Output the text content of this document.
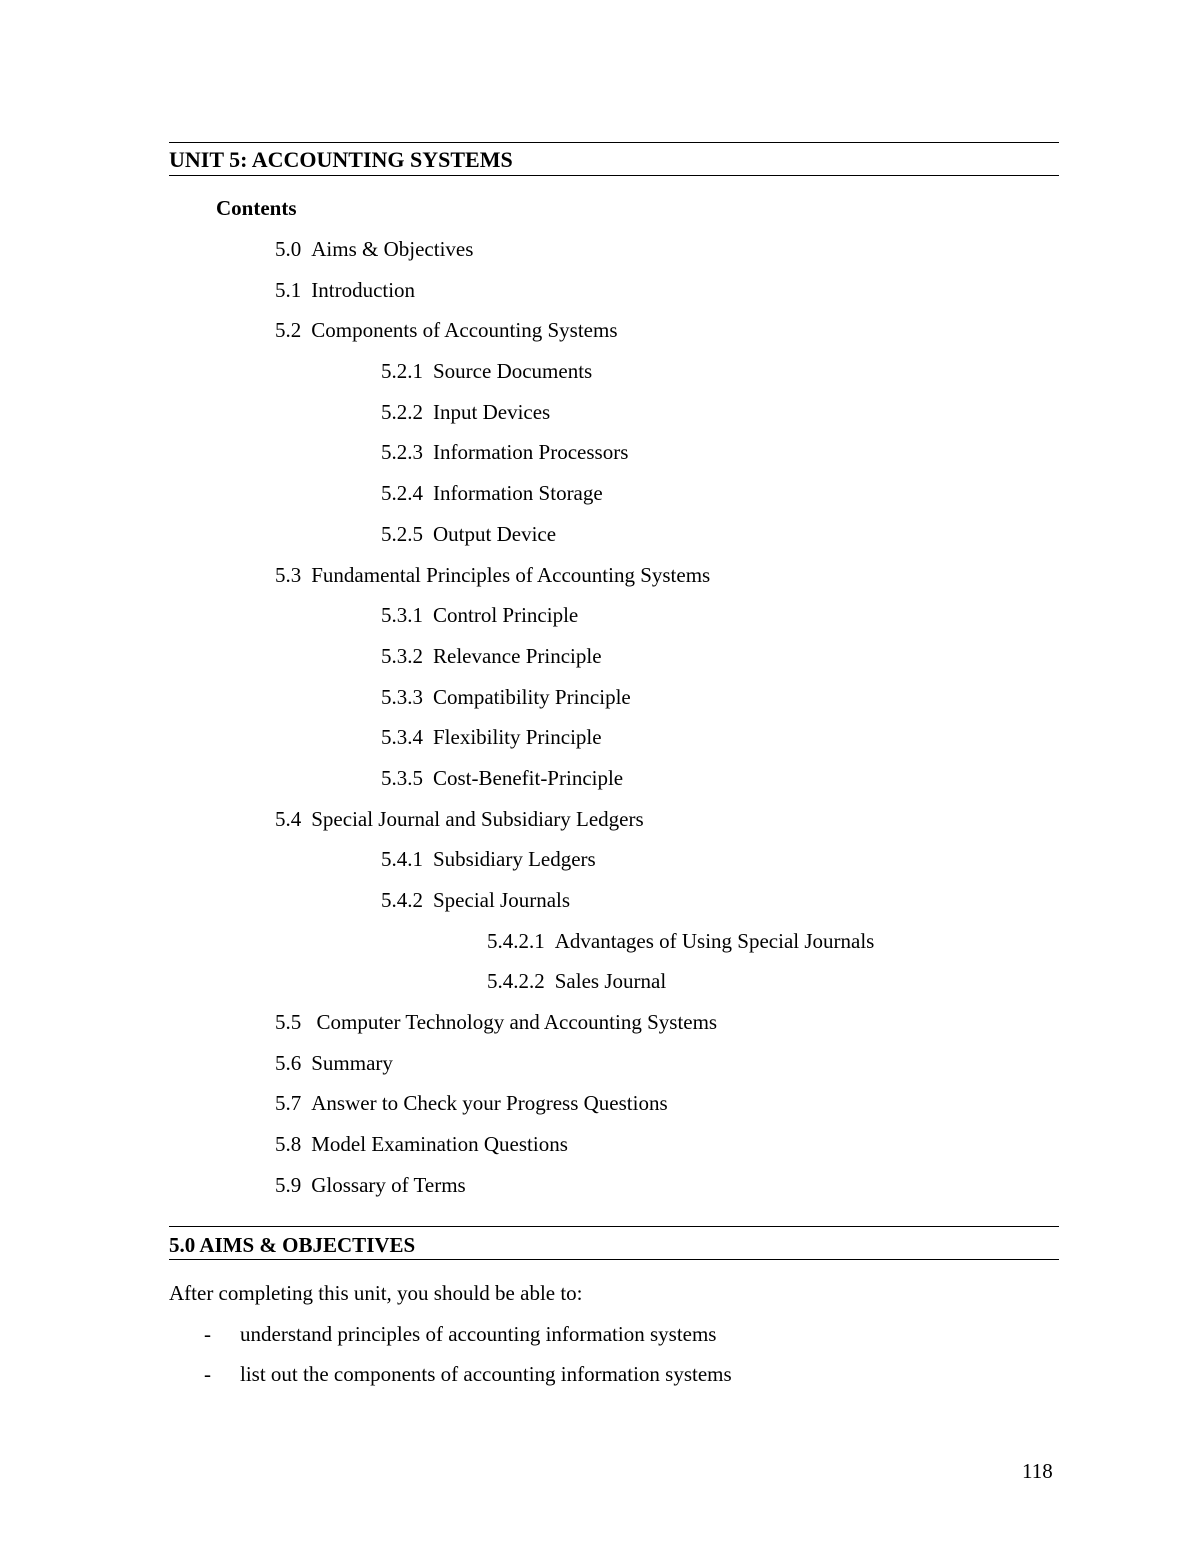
UNIT 5: ACCOUNTING SYSTEMS
Contents
5.0 Aims & Objectives
5.1 Introduction
5.2 Components of Accounting Systems
5.2.1 Source Documents
5.2.2 Input Devices
5.2.3 Information Processors
5.2.4 Information Storage
5.2.5 Output Device
5.3 Fundamental Principles of Accounting Systems
5.3.1 Control Principle
5.3.2 Relevance Principle
5.3.3 Compatibility Principle
5.3.4 Flexibility Principle
5.3.5 Cost-Benefit-Principle
5.4 Special Journal and Subsidiary Ledgers
5.4.1 Subsidiary Ledgers
5.4.2 Special Journals
5.4.2.1 Advantages of Using Special Journals
5.4.2.2 Sales Journal
5.5 Computer Technology and Accounting Systems
5.6 Summary
5.7 Answer to Check your Progress Questions
5.8 Model Examination Questions
5.9 Glossary of Terms
5.0 AIMS & OBJECTIVES
After completing this unit, you should be able to:
- understand principles of accounting information systems
- list out the components of accounting information systems
118
